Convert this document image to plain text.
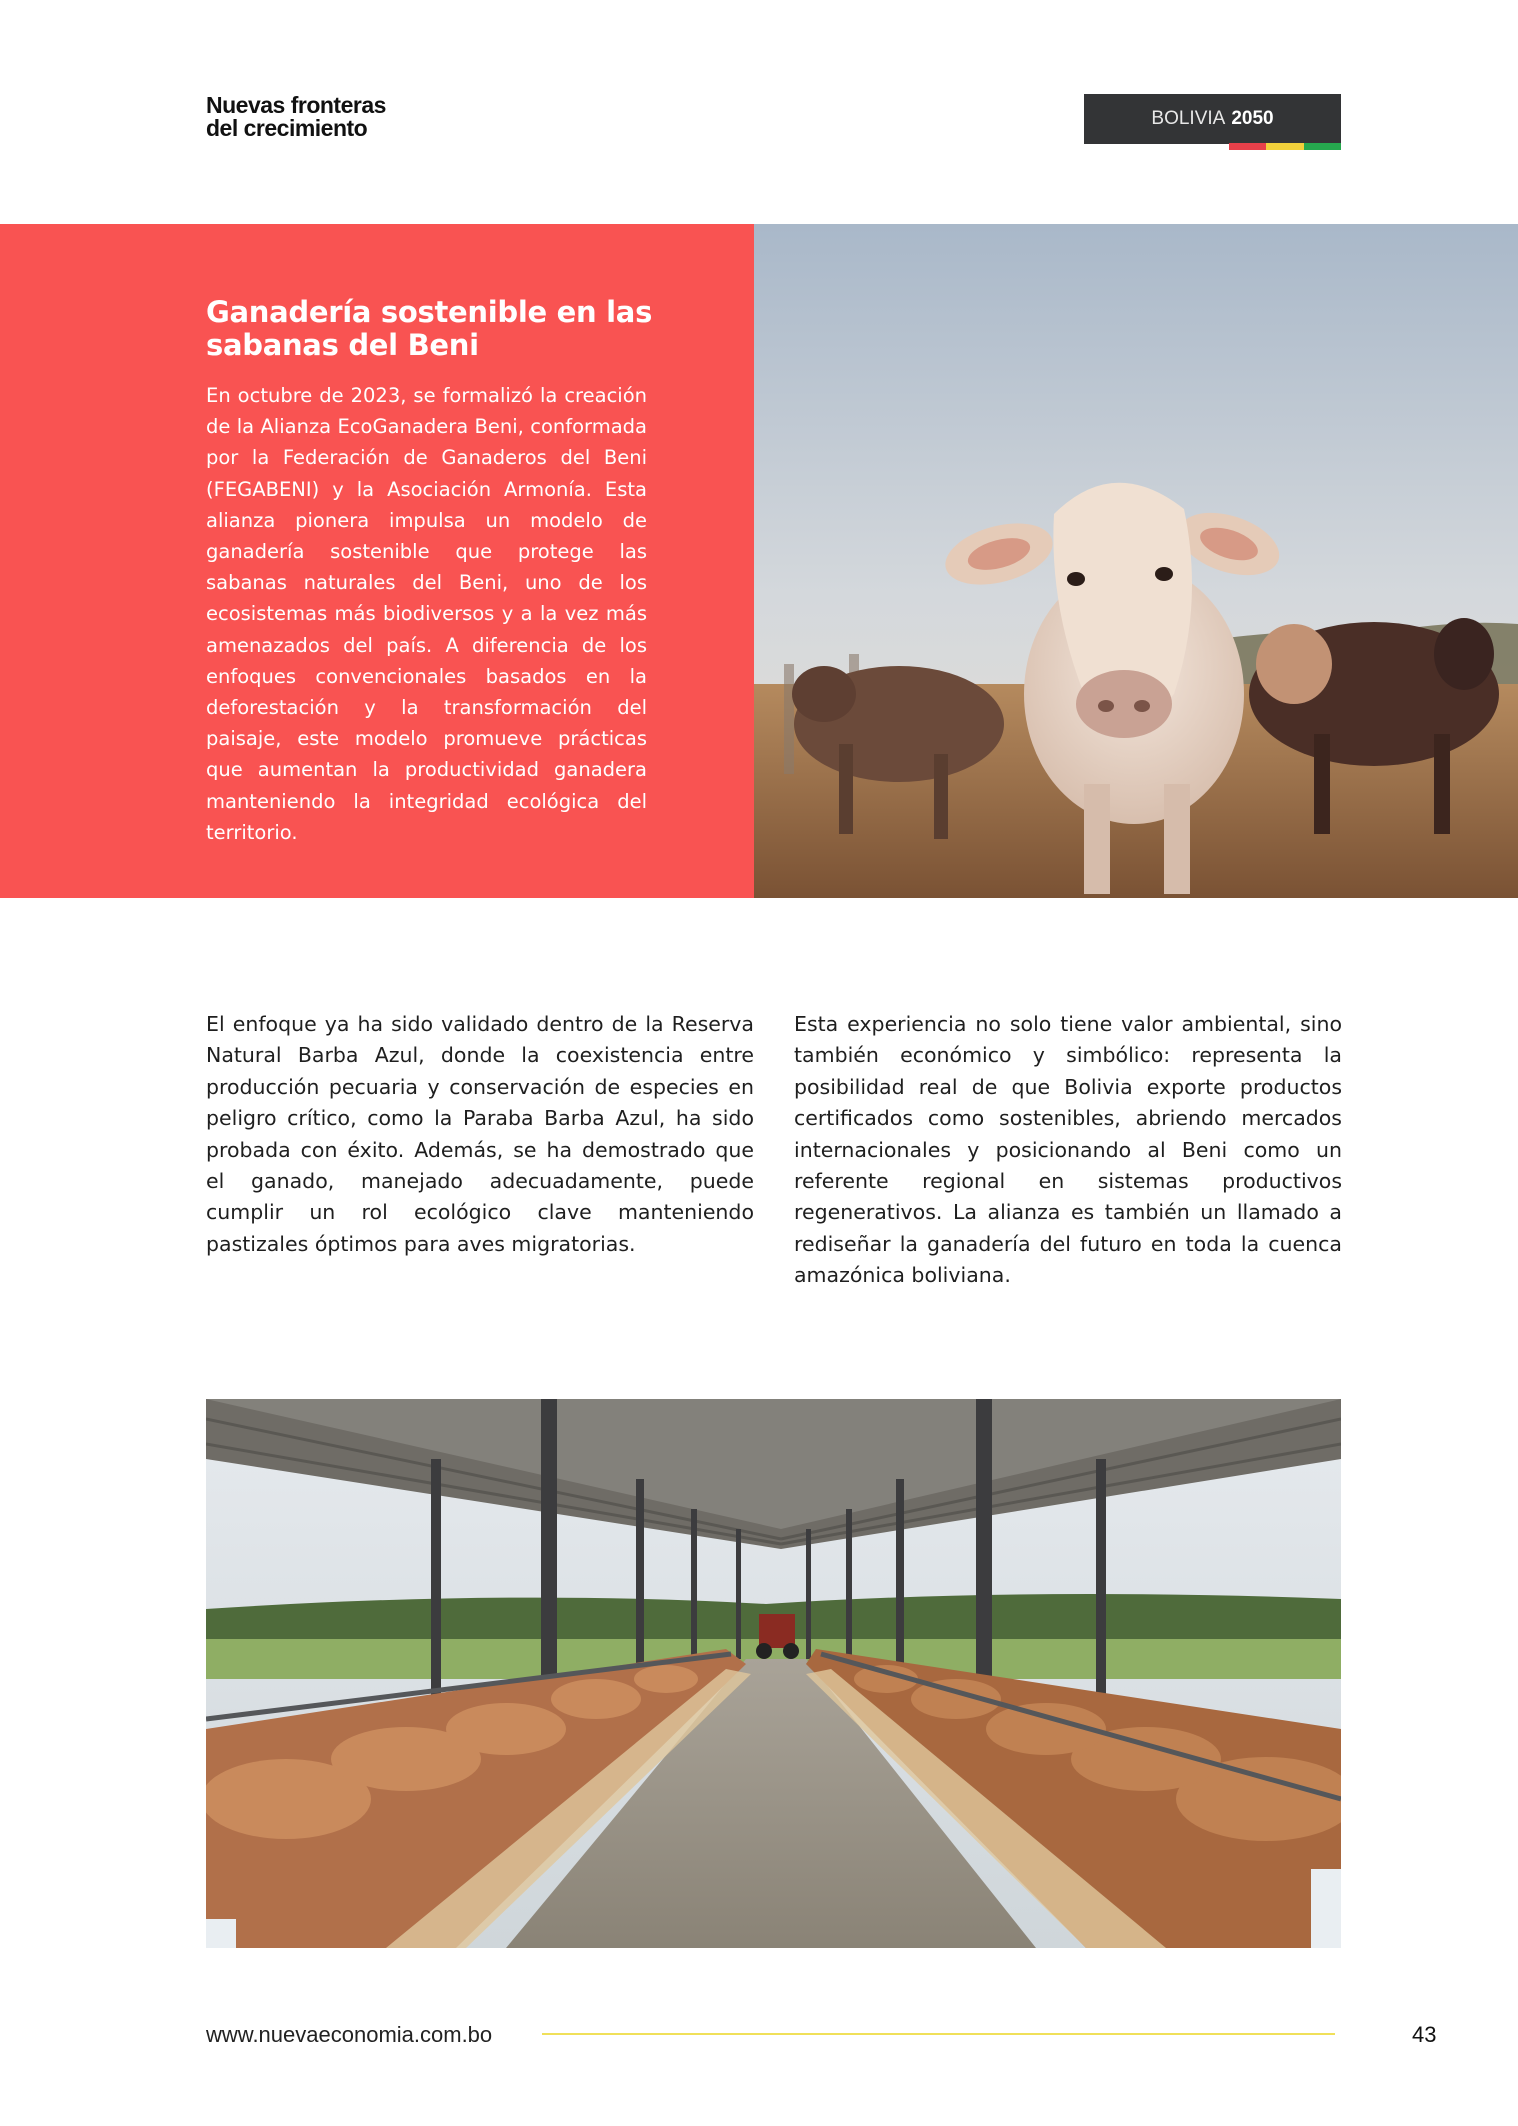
Nuevas fronteras
del crecimiento	BOLIVIA 2050
Ganadería sostenible en las sabanas del Beni
En octubre de 2023, se formalizó la creación de la Alianza EcoGanadera Beni, conformada por la Federación de Ganaderos del Beni (FEGABENI) y la Asociación Armonía. Esta alianza pionera impulsa un modelo de ganadería sostenible que protege las sabanas naturales del Beni, uno de los ecosistemas más biodiversos y a la vez más amenazados del país. A diferencia de los enfoques convencionales basados en la deforestación y la transformación del paisaje, este modelo promueve prácticas que aumentan la productividad ganadera manteniendo la integridad ecológica del territorio.
El enfoque ya ha sido validado dentro de la Reserva Natural Barba Azul, donde la coexistencia entre producción pecuaria y conservación de especies en peligro crítico, como la Paraba Barba Azul, ha sido probada con éxito. Además, se ha demostrado que el ganado, manejado adecuadamente, puede cumplir un rol ecológico clave manteniendo pastizales óptimos para aves migratorias.
Esta experiencia no solo tiene valor ambiental, sino también económico y simbólico: representa la posibilidad real de que Bolivia exporte productos certificados como sostenibles, abriendo mercados internacionales y posicionando al Beni como un referente regional en sistemas productivos regenerativos. La alianza es también un llamado a rediseñar la ganadería del futuro en toda la cuenca amazónica boliviana.
www.nuevaeconomia.com.bo	43
